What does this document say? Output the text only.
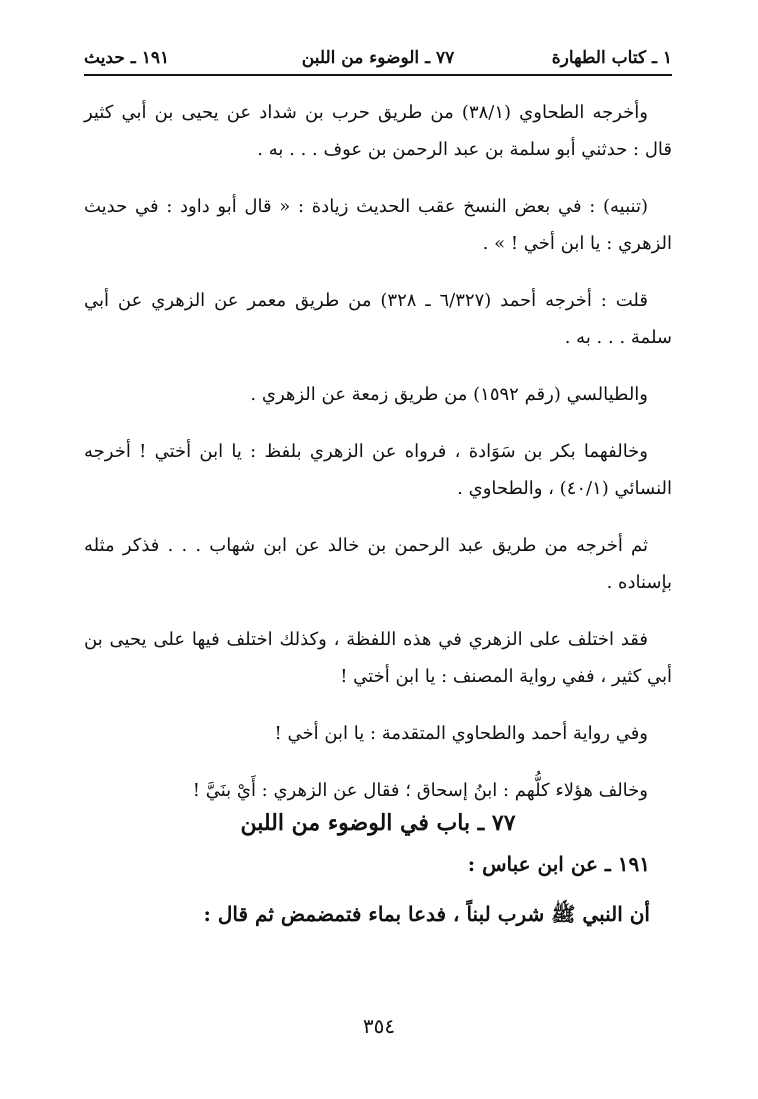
١ ـ كتاب الطهارة
٧٧ ـ الوضوء من اللبن
١٩١ ـ حديث

وأخرجه الطحاوي (٣٨/١) من طريق حرب بن شداد عن يحيى بن أبي كثير قال : حدثني أبو سلمة بن عبد الرحمن بن عوف . . . به .

(تنبيه) : في بعض النسخ عقب الحديث زيادة : « قال أبو داود : في حديث الزهري : يا ابن أخي ! » .

قلت : أخرجه أحمد (٦/٣٢٧ ـ ٣٢٨) من طريق معمر عن الزهري عن أبي سلمة . . . به .

والطيالسي (رقم ١٥٩٢) من طريق زمعة عن الزهري .

وخالفهما بكر بن سَوَادة ، فرواه عن الزهري بلفظ : يا ابن أختي ! أخرجه النسائي (٤٠/١) ، والطحاوي .

ثم أخرجه من طريق عبد الرحمن بن خالد عن ابن شهاب . . . فذكر مثله بإسناده .

فقد اختلف على الزهري في هذه اللفظة ، وكذلك اختلف فيها على يحيى بن أبي كثير ، ففي رواية المصنف : يا ابن أختي !

وفي رواية أحمد والطحاوي المتقدمة : يا ابن أخي !

وخالف هؤلاء كلُّهم : ابنُ إسحاق ؛ فقال عن الزهري : أَيْ بنَيَّ !

٧٧ ـ باب في الوضوء من اللبن
١٩١ ـ عن ابن عباس :
أن النبي ﷺ شرب لبناً ، فدعا بماء فتمضمض ثم قال :
٣٥٤
